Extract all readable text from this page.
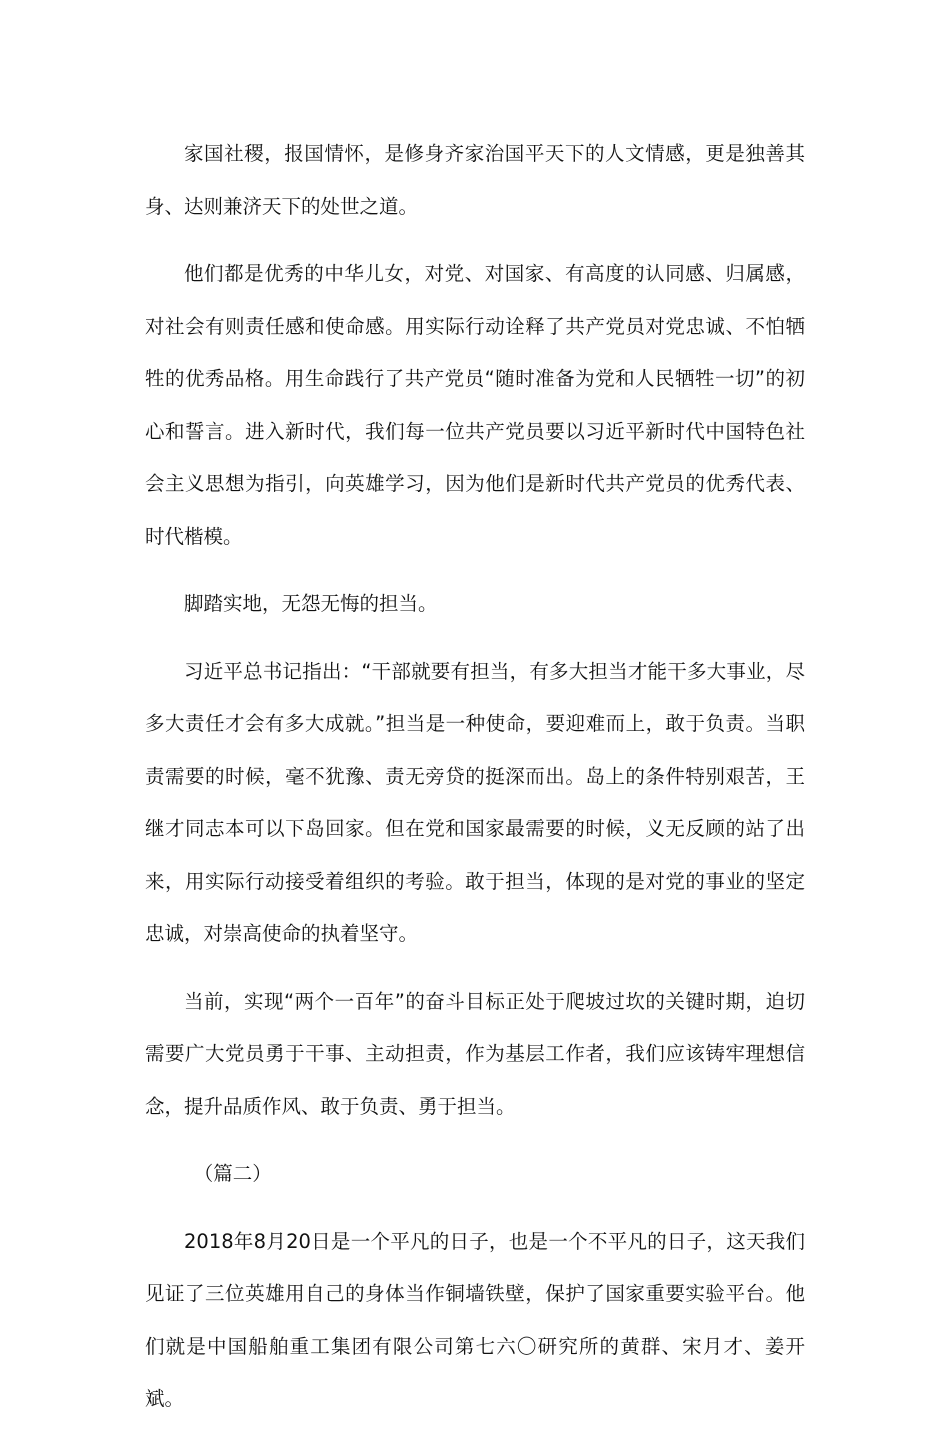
家国社稷，报国情怀，是修身齐家治国平天下的人文情感，更是独善其身、达则兼济天下的处世之道。

他们都是优秀的中华儿女，对党、对国家、有高度的认同感、归属感，对社会有则责任感和使命感。用实际行动诠释了共产党员对党忠诚、不怕牺牲的优秀品格。用生命践行了共产党员“随时准备为党和人民牺牲一切”的初心和誓言。进入新时代，我们每一位共产党员要以习近平新时代中国特色社会主义思想为指引，向英雄学习，因为他们是新时代共产党员的优秀代表、时代楷模。

脚踏实地，无怨无悔的担当。

习近平总书记指出：“干部就要有担当，有多大担当才能干多大事业，尽多大责任才会有多大成就。”担当是一种使命，要迎难而上，敢于负责。当职责需要的时候，毫不犹豫、责无旁贷的挺深而出。岛上的条件特别艰苦，王继才同志本可以下岛回家。但在党和国家最需要的时候，义无反顾的站了出来，用实际行动接受着组织的考验。敢于担当，体现的是对党的事业的坚定忠诚，对崇高使命的执着坚守。

当前，实现“两个一百年”的奋斗目标正处于爬坡过坎的关键时期，迫切需要广大党员勇于干事、主动担责，作为基层工作者，我们应该铸牢理想信念，提升品质作风、敢于负责、勇于担当。

（篇二）

2018年8月20日是一个平凡的日子，也是一个不平凡的日子，这天我们见证了三位英雄用自己的身体当作铜墙铁壁，保护了国家重要实验平台。他们就是中国船舶重工集团有限公司第七六〇研究所的黄群、宋月才、姜开斌。
